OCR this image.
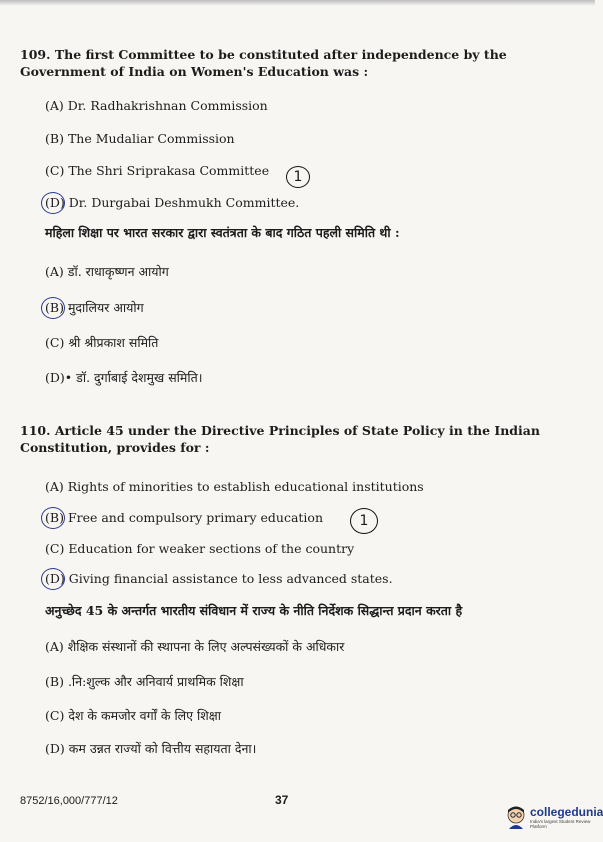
109. The first Committee to be constituted after independence by the Government of India on Women's Education was :
(A) Dr. Radhakrishnan Commission
(B) The Mudaliar Commission
(C) The Shri Sriprakasa Committee 1
(D) Dr. Durgabai Deshmukh Committee.
महिला शिक्षा पर भारत सरकार द्वारा स्वतंत्रता के बाद गठित पहली समिति थी :
(A) डॉ. राधाकृष्णन आयोग
(B) मुदालियर आयोग
(C) श्री श्रीप्रकाश समिति
(D)• डॉ. दुर्गाबाई देशमुख समिति।
110. Article 45 under the Directive Principles of State Policy in the Indian Constitution, provides for :
(A) Rights of minorities to establish educational institutions
(B) Free and compulsory primary education	1
(C) Education for weaker sections of the country
(D) Giving financial assistance to less advanced states.
अनुच्छेद 45 के अन्तर्गत भारतीय संविधान में राज्य के नीति निर्देशक सिद्धान्त प्रदान करता है
(A) शैक्षिक संस्थानों की स्थापना के लिए अल्पसंख्यकों के अधिकार
(B) .नि:शुल्क और अनिवार्य प्राथमिक शिक्षा
(C) देश के कमजोर वर्गों के लिए शिक्षा
(D) कम उन्नत राज्यों को वित्तीय सहायता देना।
8752/16,000/777/12	37
collegedunia
India's largest Student Review Platform
